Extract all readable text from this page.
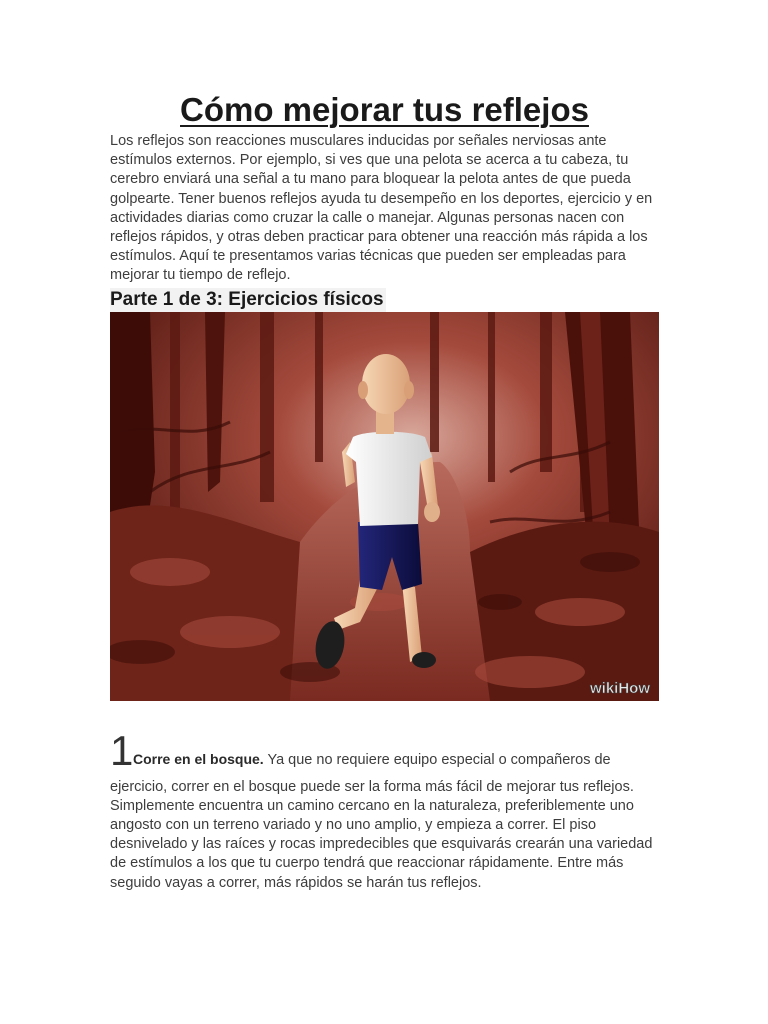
Cómo mejorar tus reflejos

Los reflejos son reacciones musculares inducidas por señales nerviosas ante estímulos externos. Por ejemplo, si ves que una pelota se acerca a tu cabeza, tu cerebro enviará una señal a tu mano para bloquear la pelota antes de que pueda golpearte. Tener buenos reflejos ayuda tu desempeño en los deportes, ejercicio y en actividades diarias como cruzar la calle o manejar. Algunas personas nacen con reflejos rápidos, y otras deben practicar para obtener una reacción más rápida a los estímulos. Aquí te presentamos varias técnicas que pueden ser empleadas para mejorar tu tiempo de reflejo.

Parte 1 de 3: Ejercicios físicos
wikiHow
1 Corre en el bosque. Ya que no requiere equipo especial o compañeros de

ejercicio, correr en el bosque puede ser la forma más fácil de mejorar tus reflejos. Simplemente encuentra un camino cercano en la naturaleza, preferiblemente uno angosto con un terreno variado y no uno amplio, y empieza a correr. El piso desnivelado y las raíces y rocas impredecibles que esquivarás crearán una variedad de estímulos a los que tu cuerpo tendrá que reaccionar rápidamente. Entre más seguido vayas a correr, más rápidos se harán tus reflejos.
